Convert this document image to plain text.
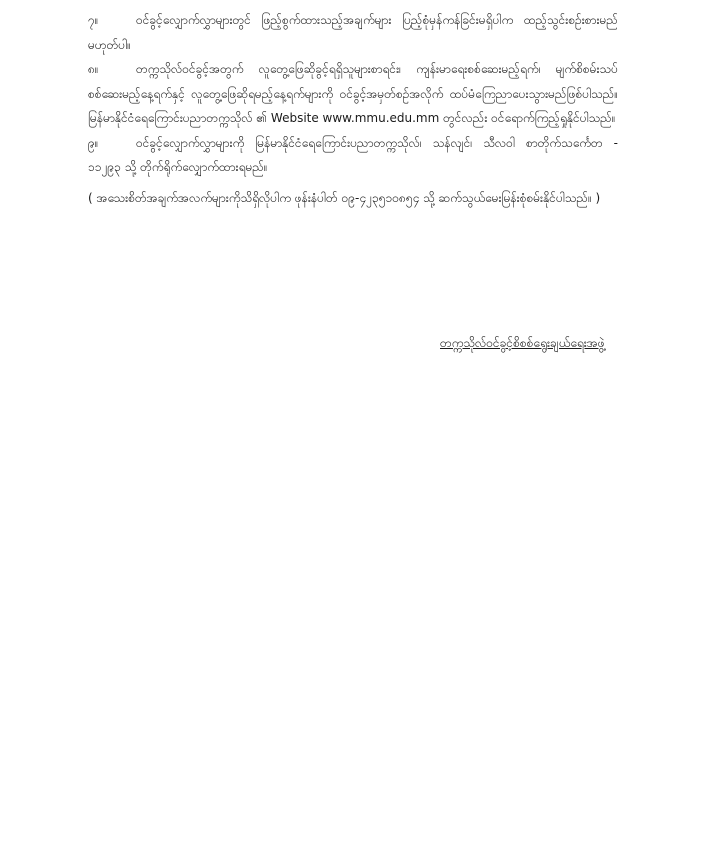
၇။	ဝင်ခွင့်လျှောက်လွှာများတွင် ဖြည့်စွက်ထားသည့်အချက်များ ပြည့်စုံမှန်ကန်ခြင်းမရှိပါက ထည့်သွင်းစဉ်းစားမည် မဟုတ်ပါ။

၈။	တက္ကသိုလ်ဝင်ခွင့်အတွက် လူတွေ့ဖြေဆိုခွင့်ရရှိသူများစာရင်း၊ ကျန်းမာရေးစစ်ဆေးမည့်ရက်၊ မျက်စိစမ်းသပ်စစ်ဆေးမည့်နေ့ရက်နှင့် လူတွေ့ဖြေဆိုရမည့်နေ့ရက်များကို ဝင်ခွင့်အမှတ်စဉ်အလိုက် ထပ်မံကြေညာပေးသွားမည်ဖြစ်ပါသည်။ မြန်မာနိုင်ငံရေကြောင်းပညာတက္ကသိုလ် ၏ Website www.mmu.edu.mm တွင်လည်း ဝင်ရောက်ကြည့်ရှုနိုင်ပါသည်။

၉။	ဝင်ခွင့်လျှောက်လွှာများကို မြန်မာနိုင်ငံရေကြောင်းပညာတက္ကသိုလ်၊ သန်လျင်၊ သီလဝါ စာတိုက်သင်္ကေတ - ၁၁၂၉၃ သို့ တိုက်ရိုက်လျှောက်ထားရမည်။

( အသေးစိတ်အချက်အလက်များကိုသိရှိလိုပါက ဖုန်းနံပါတ် ၀၉-၄၂၃၅၁၀၈၅၄ သို့ ဆက်သွယ်မေးမြန်းစုံစမ်းနိုင်ပါသည်။ )

တက္ကသိုလ်ဝင်ခွင့်စိစစ်ရွေးချယ်ရေးအဖွဲ့
